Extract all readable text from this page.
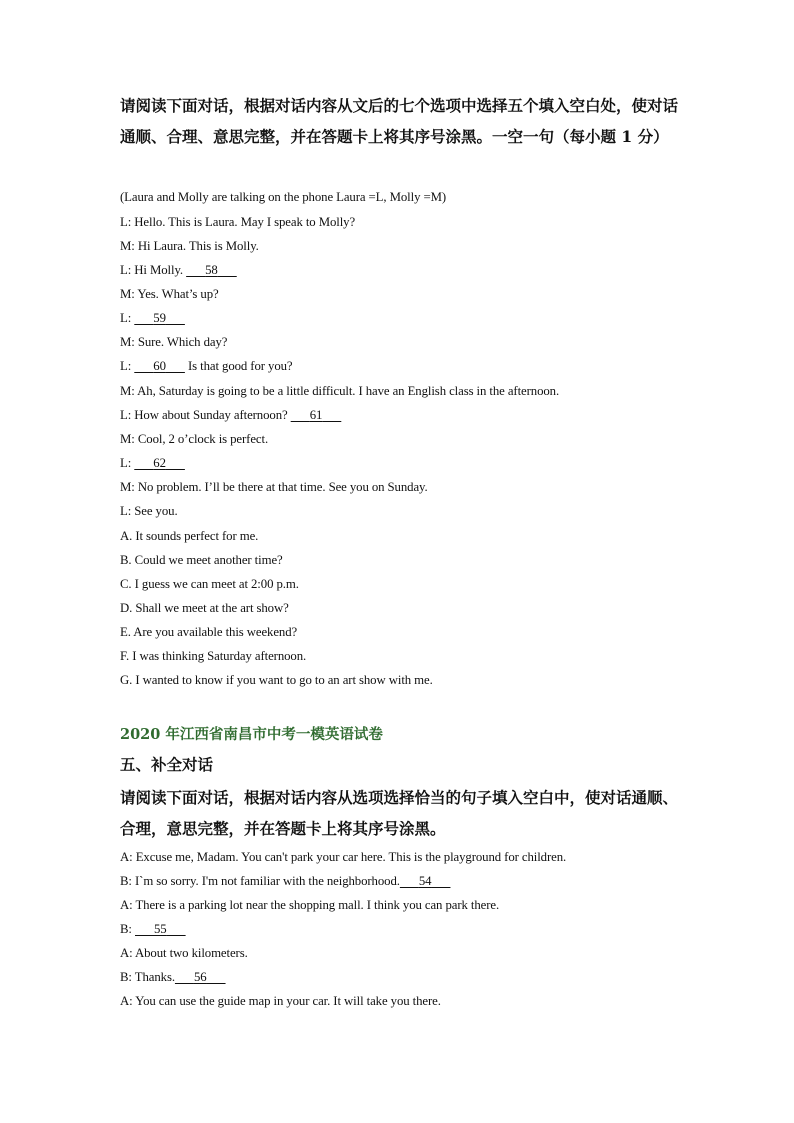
请阅读下面对话，根据对话内容从文后的七个选项中选择五个填入空白处，使对话通顺、合理、意思完整，并在答题卡上将其序号涂黑。一空一句（每小题 1 分）

(Laura and Molly are talking on the phone Laura =L, Molly =M)
L: Hello. This is Laura. May I speak to Molly?
M: Hi Laura. This is Molly.
L: Hi Molly.   58  
M: Yes. What’s up?
L:   59  
M: Sure. Which day?
L:   60   Is that good for you?
M: Ah, Saturday is going to be a little difficult. I have an English class in the afternoon.
L: How about Sunday afternoon?   61  
M: Cool, 2 o’clock is perfect.
L:   62  
M: No problem. I’ll be there at that time. See you on Sunday.
L: See you.
A. It sounds perfect for me.
B. Could we meet another time?
C. I guess we can meet at 2:00 p.m.
D. Shall we meet at the art show?
E. Are you available this weekend?
F. I was thinking Saturday afternoon.
G. I wanted to know if you want to go to an art show with me.
2020 年江西省南昌市中考一模英语试卷
五、补全对话

请阅读下面对话，根据对话内容从选项选择恰当的句子填入空白中，使对话通顺、合理，意思完整，并在答题卡上将其序号涂黑。

A: Excuse me, Madam. You can't park your car here. This is the playground for children.
B: I`m so sorry. I'm not familiar with the neighborhood.   54  
A: There is a parking lot near the shopping mall. I think you can park there.
B:   55  
A: About two kilometers.
B: Thanks.   56  
A: You can use the guide map in your car. It will take you there.
